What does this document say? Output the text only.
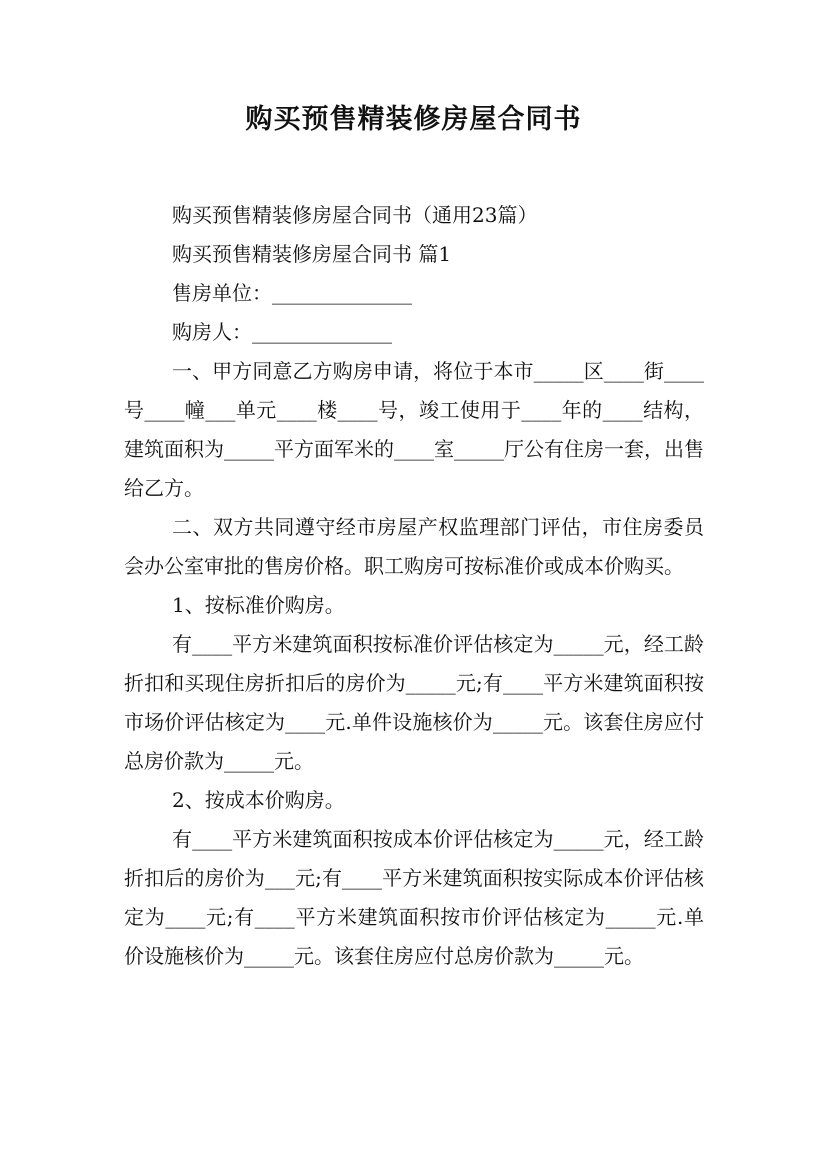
购买预售精装修房屋合同书

购买预售精装修房屋合同书（通用23篇）

购买预售精装修房屋合同书 篇1

售房单位：______________

购房人：______________

一、甲方同意乙方购房申请，将位于本市_____区____街____号____幢___单元____楼____号，竣工使用于____年的____结构，建筑面积为_____平方面军米的____室_____厅公有住房一套，出售给乙方。

二、双方共同遵守经市房屋产权监理部门评估，市住房委员会办公室审批的售房价格。职工购房可按标准价或成本价购买。

1、按标准价购房。

有____平方米建筑面积按标准价评估核定为_____元，经工龄折扣和买现住房折扣后的房价为_____元;有____平方米建筑面积按市场价评估核定为____元.单件设施核价为_____元。该套住房应付总房价款为_____元。

2、按成本价购房。

有____平方米建筑面积按成本价评估核定为_____元，经工龄折扣后的房价为___元;有____平方米建筑面积按实际成本价评估核定为____元;有____平方米建筑面积按市价评估核定为_____元.单价设施核价为_____元。该套住房应付总房价款为_____元。
